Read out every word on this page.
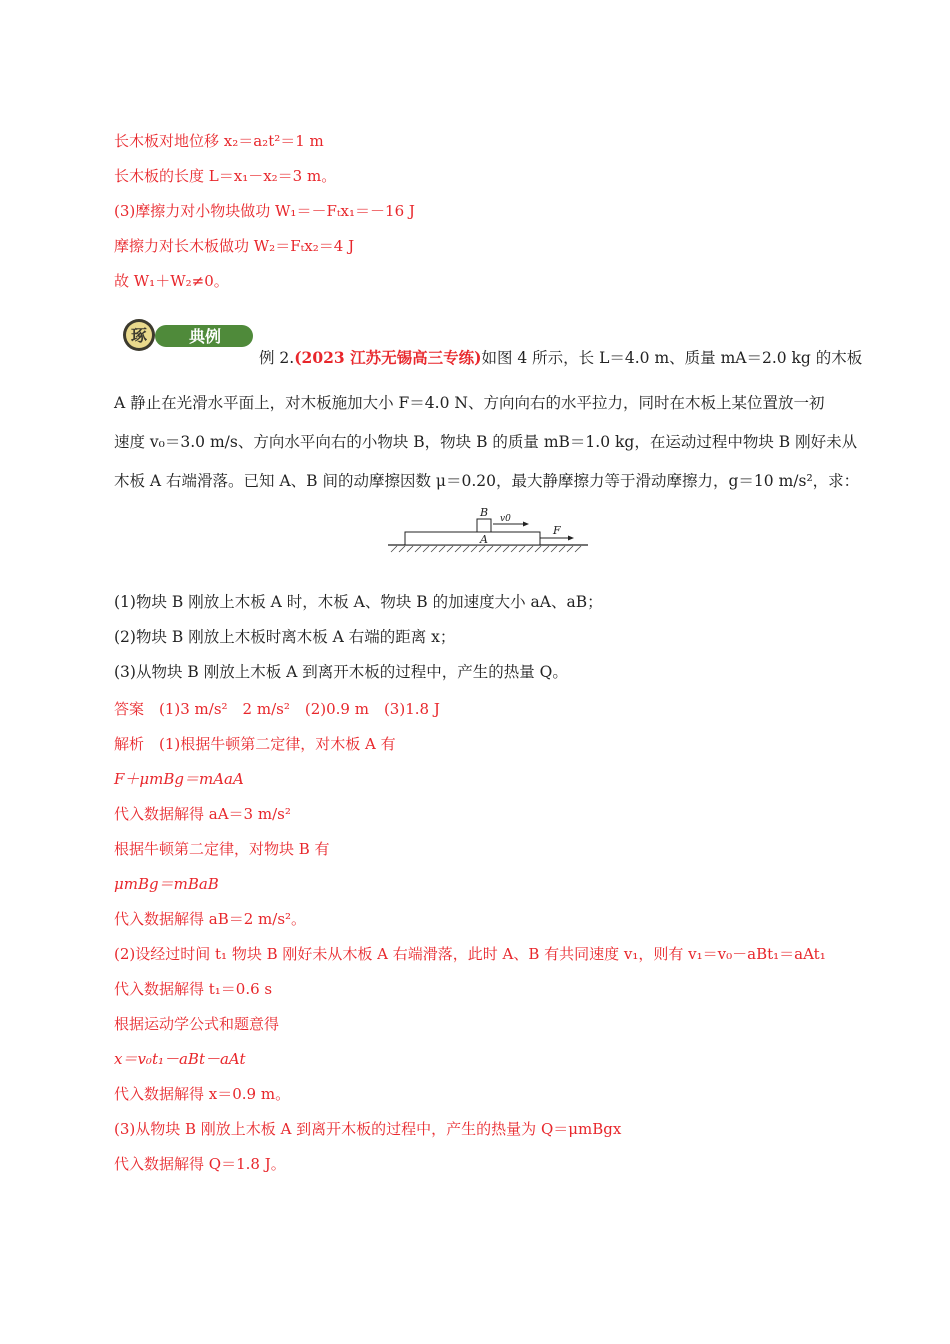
长木板对地位移 x₂＝a₂t²＝1 m
长木板的长度 L＝x₁－x₂＝3 m。
(3)摩擦力对小物块做功 W₁＝－Fₜx₁＝－16 J
摩擦力对长木板做功 W₂＝Fₜx₂＝4 J
故 W₁＋W₂≠0。
琢	典例
例 2.(2023 江苏无锡高三专练)如图 4 所示，长 L＝4.0 m、质量 mA＝2.0 kg 的木板
A 静止在光滑水平面上，对木板施加大小 F＝4.0 N、方向向右的水平拉力，同时在木板上某位置放一初
速度 v₀＝3.0 m/s、方向水平向右的小物块 B，物块 B 的质量 mB＝1.0 kg，在运动过程中物块 B 刚好未从
木板 A 右端滑落。已知 A、B 间的动摩擦因数 μ＝0.20，最大静摩擦力等于滑动摩擦力，g＝10 m/s²，求：
B v0
A
F
(1)物块 B 刚放上木板 A 时，木板 A、物块 B 的加速度大小 aA、aB；
(2)物块 B 刚放上木板时离木板 A 右端的距离 x；
(3)从物块 B 刚放上木板 A 到离开木板的过程中，产生的热量 Q。
答案　(1)3 m/s²　2 m/s²　(2)0.9 m　(3)1.8 J
解析　(1)根据牛顿第二定律，对木板 A 有
F＋μmBg＝mAaA
代入数据解得 aA＝3 m/s²
根据牛顿第二定律，对物块 B 有
μmBg＝mBaB
代入数据解得 aB＝2 m/s²。
(2)设经过时间 t₁ 物块 B 刚好未从木板 A 右端滑落，此时 A、B 有共同速度 v₁，则有 v₁＝v₀－aBt₁＝aAt₁
代入数据解得 t₁＝0.6 s
根据运动学公式和题意得
x＝v₀t₁－aBt－aAt
代入数据解得 x＝0.9 m。
(3)从物块 B 刚放上木板 A 到离开木板的过程中，产生的热量为 Q＝μmBgx
代入数据解得 Q＝1.8 J。
